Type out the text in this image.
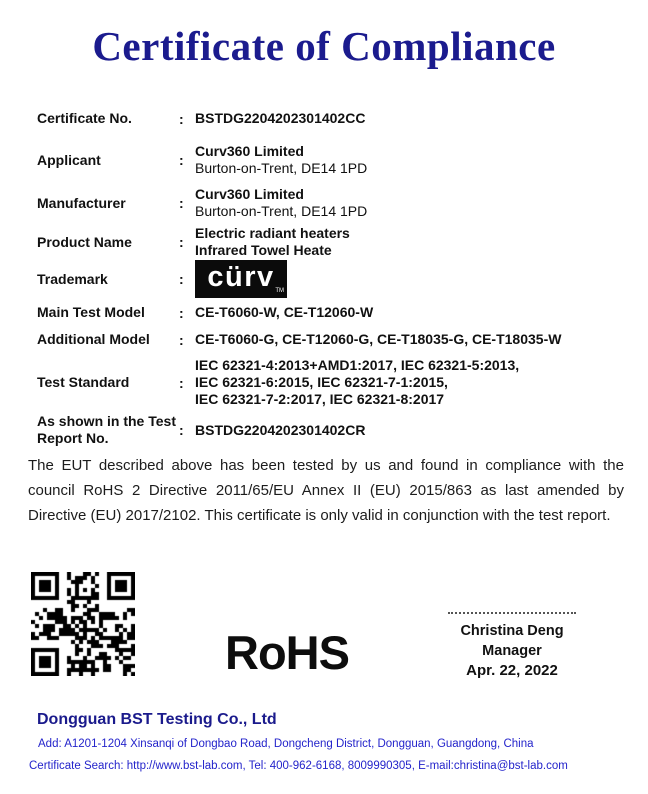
Certificate of Compliance
Certificate No.	: BSTDG2204202301402CC
Applicant	:
Curv360 Limited
Burton-on-Trent, DE14 1PD
Manufacturer	:
Curv360 Limited
Burton-on-Trent, DE14 1PD
Product Name	:
Electric radiant heaters
Infrared Towel Heate
Trademark	: cürv TM
Main Test Model	: CE-T6060-W, CE-T12060-W
Additional Model	: CE-T6060-G, CE-T12060-G, CE-T18035-G, CE-T18035-W
Test Standard	:
IEC 62321-4:2013+AMD1:2017, IEC 62321-5:2013,
IEC 62321-6:2015, IEC 62321-7-1:2015,
IEC 62321-7-2:2017, IEC 62321-8:2017
As shown in the Test Report No.	: BSTDG2204202301402CR
The EUT described above has been tested by us and found in compliance with the council RoHS 2 Directive 2011/65/EU Annex II (EU) 2015/863 as last amended by Directive (EU) 2017/2102. This certificate is only valid in conjunction with the test report.
RoHS	Christina Deng
Manager
Apr. 22, 2022
Dongguan BST Testing Co., Ltd
Add: A1201-1204 Xinsanqi of Dongbao Road, Dongcheng District, Dongguan, Guangdong, China
Certificate Search: http://www.bst-lab.com, Tel: 400-962-6168, 8009990305, E-mail:christina@bst-lab.com
